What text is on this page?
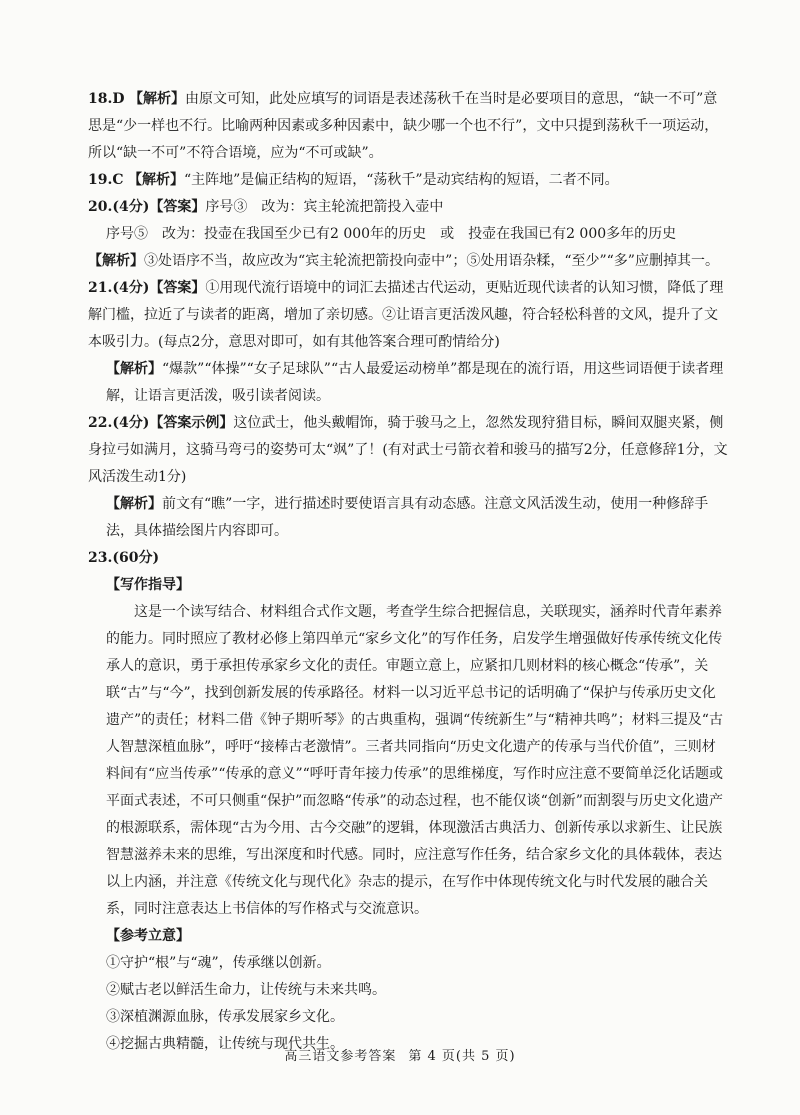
18.D 【解析】由原文可知，此处应填写的词语是表述荡秋千在当时是必要项目的意思，“缺一不可”意思是“少一样也不行。比喻两种因素或多种因素中，缺少哪一个也不行”，文中只提到荡秋千一项运动，所以“缺一不可”不符合语境，应为“不可或缺”。

19.C 【解析】“主阵地”是偏正结构的短语，“荡秋千”是动宾结构的短语，二者不同。

20.(4分)【答案】序号③　改为：宾主轮流把箭投入壶中

序号⑤　改为：投壶在我国至少已有2 000年的历史　或　投壶在我国已有2 000多年的历史

【解析】③处语序不当，故应改为“宾主轮流把箭投向壶中”；⑤处用语杂糅，“至少”“多”应删掉其一。

21.(4分)【答案】①用现代流行语境中的词汇去描述古代运动，更贴近现代读者的认知习惯，降低了理解门槛，拉近了与读者的距离，增加了亲切感。②让语言更活泼风趣，符合轻松科普的文风，提升了文本吸引力。(每点2分，意思对即可，如有其他答案合理可酌情给分)

【解析】“爆款”“体操”“女子足球队”“古人最爱运动榜单”都是现在的流行语，用这些词语便于读者理解，让语言更活泼，吸引读者阅读。

22.(4分)【答案示例】这位武士，他头戴帽饰，骑于骏马之上，忽然发现狩猎目标，瞬间双腿夹紧，侧身拉弓如满月，这骑马弯弓的姿势可太“飒”了！(有对武士弓箭衣着和骏马的描写2分，任意修辞1分，文风活泼生动1分)

【解析】前文有“瞧”一字，进行描述时要使语言具有动态感。注意文风活泼生动，使用一种修辞手法，具体描绘图片内容即可。

23.(60分)

【写作指导】

这是一个读写结合、材料组合式作文题，考查学生综合把握信息，关联现实，涵养时代青年素养的能力。同时照应了教材必修上第四单元“家乡文化”的写作任务，启发学生增强做好传承传统文化传承人的意识，勇于承担传承家乡文化的责任。审题立意上，应紧扣几则材料的核心概念“传承”，关联“古”与“今”，找到创新发展的传承路径。材料一以习近平总书记的话明确了“保护与传承历史文化遗产”的责任；材料二借《钟子期听琴》的古典重构，强调“传统新生”与“精神共鸣”；材料三提及“古人智慧深植血脉”，呼吁“接棒古老激情”。三者共同指向“历史文化遗产的传承与当代价值”，三则材料间有“应当传承”“传承的意义”“呼吁青年接力传承”的思维梯度，写作时应注意不要简单泛化话题或平面式表述，不可只侧重“保护”而忽略“传承”的动态过程，也不能仅谈“创新”而割裂与历史文化遗产的根源联系，需体现“古为今用、古今交融”的逻辑，体现激活古典活力、创新传承以求新生、让民族智慧滋养未来的思维，写出深度和时代感。同时，应注意写作任务，结合家乡文化的具体载体，表达以上内涵，并注意《传统文化与现代化》杂志的提示，在写作中体现传统文化与时代发展的融合关系，同时注意表达上书信体的写作格式与交流意识。

【参考立意】

①守护“根”与“魂”，传承继以创新。

②赋古老以鲜活生命力，让传统与未来共鸣。

③深植渊源血脉，传承发展家乡文化。

④挖掘古典精髓，让传统与现代共生。

高三语文参考答案 第 4 页(共 5 页)
